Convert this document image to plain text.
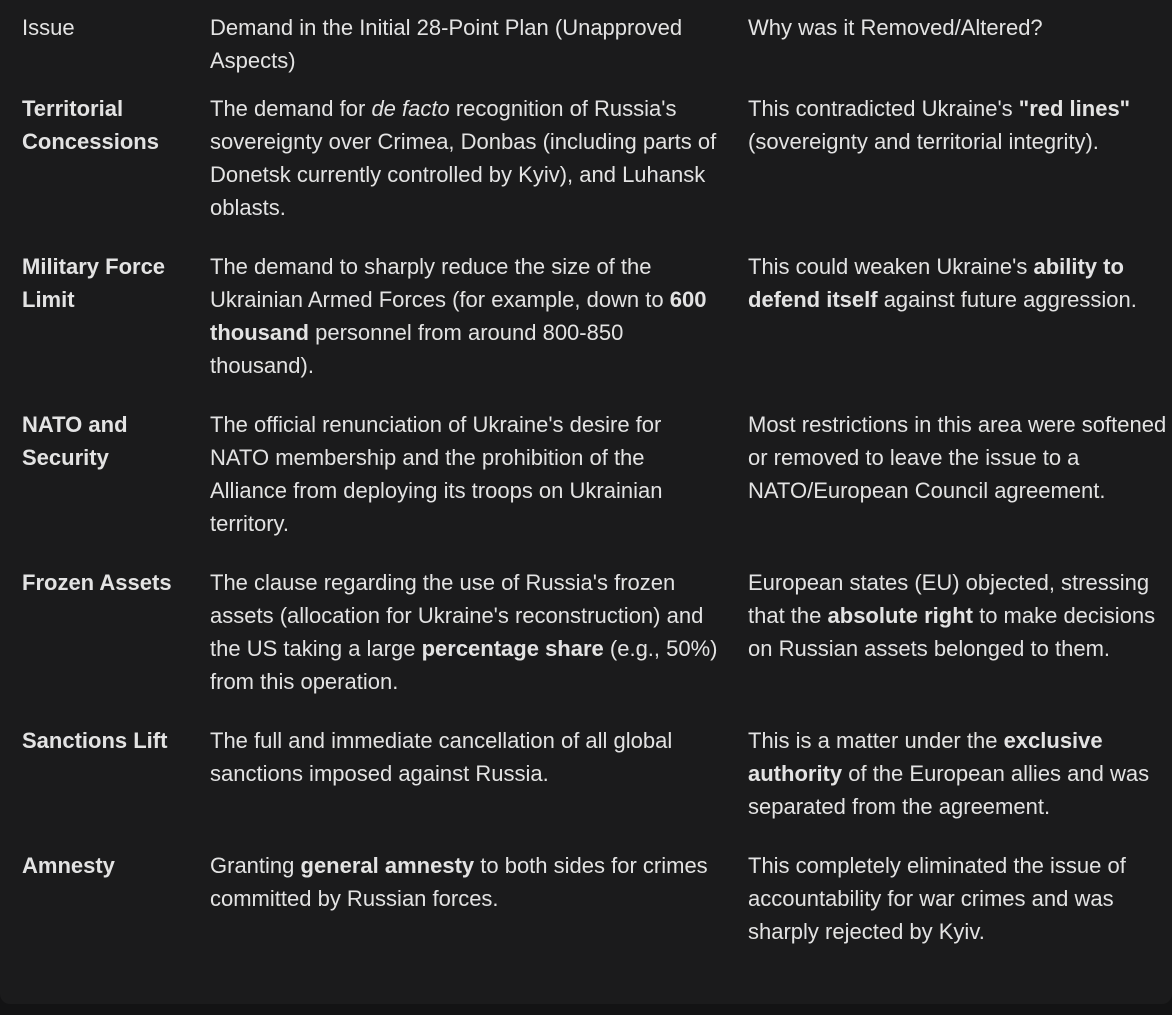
Issue	Demand in the Initial 28-Point Plan (Unapproved Aspects)	Why was it Removed/Altered?
Territorial Concessions	The demand for de facto recognition of Russia's sovereignty over Crimea, Donbas (including parts of Donetsk currently controlled by Kyiv), and Luhansk oblasts.	This contradicted Ukraine's "red lines" (sovereignty and territorial integrity).
Military Force Limit	The demand to sharply reduce the size of the Ukrainian Armed Forces (for example, down to 600 thousand personnel from around 800-850 thousand).	This could weaken Ukraine's ability to defend itself against future aggression.
NATO and Security	The official renunciation of Ukraine's desire for NATO membership and the prohibition of the Alliance from deploying its troops on Ukrainian territory.	Most restrictions in this area were softened or removed to leave the issue to a NATO/European Council agreement.
Frozen Assets	The clause regarding the use of Russia's frozen assets (allocation for Ukraine's reconstruction) and the US taking a large percentage share (e.g., 50%) from this operation.	European states (EU) objected, stressing that the absolute right to make decisions on Russian assets belonged to them.
Sanctions Lift	The full and immediate cancellation of all global sanctions imposed against Russia.	This is a matter under the exclusive authority of the European allies and was separated from the agreement.
Amnesty	Granting general amnesty to both sides for crimes committed by Russian forces.	This completely eliminated the issue of accountability for war crimes and was sharply rejected by Kyiv.
